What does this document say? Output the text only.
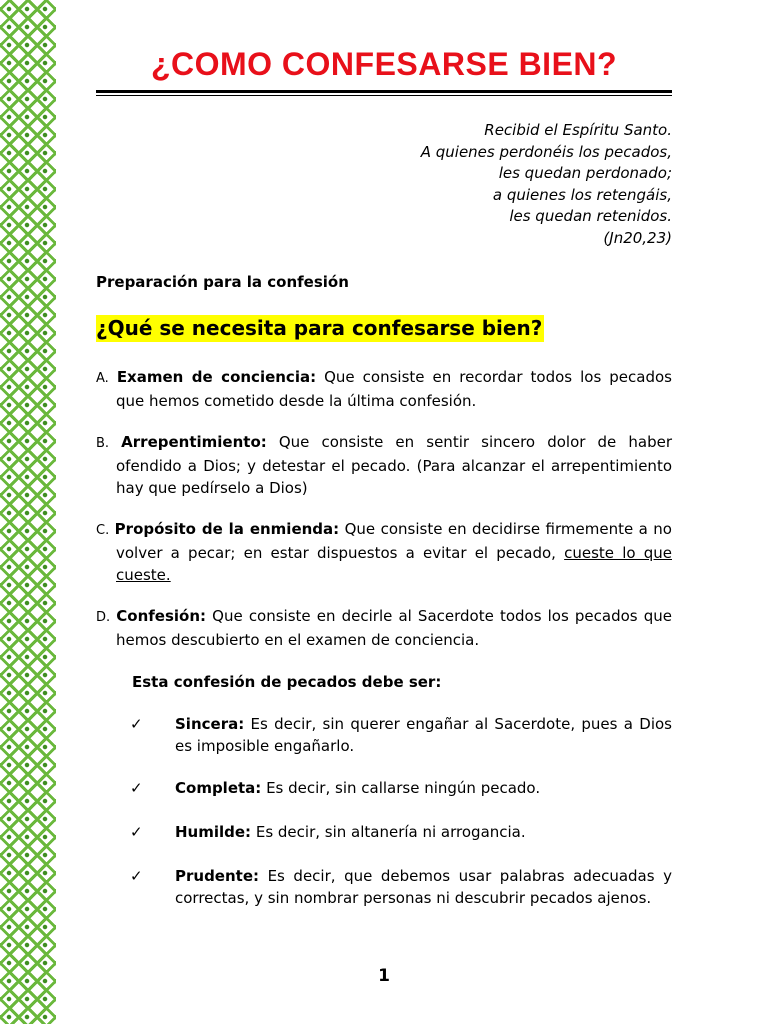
¿COMO CONFESARSE BIEN?
Recibid el Espíritu Santo.
A quienes perdonéis los pecados,
les quedan perdonado;
a quienes los retengáis,
les quedan retenidos.
(Jn20,23)
Preparación para la confesión
¿Qué se necesita para confesarse bien?
A. Examen de conciencia: Que consiste en recordar todos los pecados que hemos cometido desde la última confesión.
B. Arrepentimiento: Que consiste en sentir sincero dolor de haber ofendido a Dios; y detestar el pecado. (Para alcanzar el arrepentimiento hay que pedírselo a Dios)
C. Propósito de la enmienda: Que consiste en decidirse firmemente a no volver a pecar; en estar dispuestos a evitar el pecado, cueste lo que cueste.
D. Confesión: Que consiste en decirle al Sacerdote todos los pecados que hemos descubierto en el examen de conciencia.
Esta confesión de pecados debe ser:
✓ Sincera: Es decir, sin querer engañar al Sacerdote, pues a Dios es imposible engañarlo.
✓ Completa: Es decir, sin callarse ningún pecado.
✓ Humilde: Es decir, sin altanería ni arrogancia.
✓ Prudente: Es decir, que debemos usar palabras adecuadas y correctas, y sin nombrar personas ni descubrir pecados ajenos.
1
